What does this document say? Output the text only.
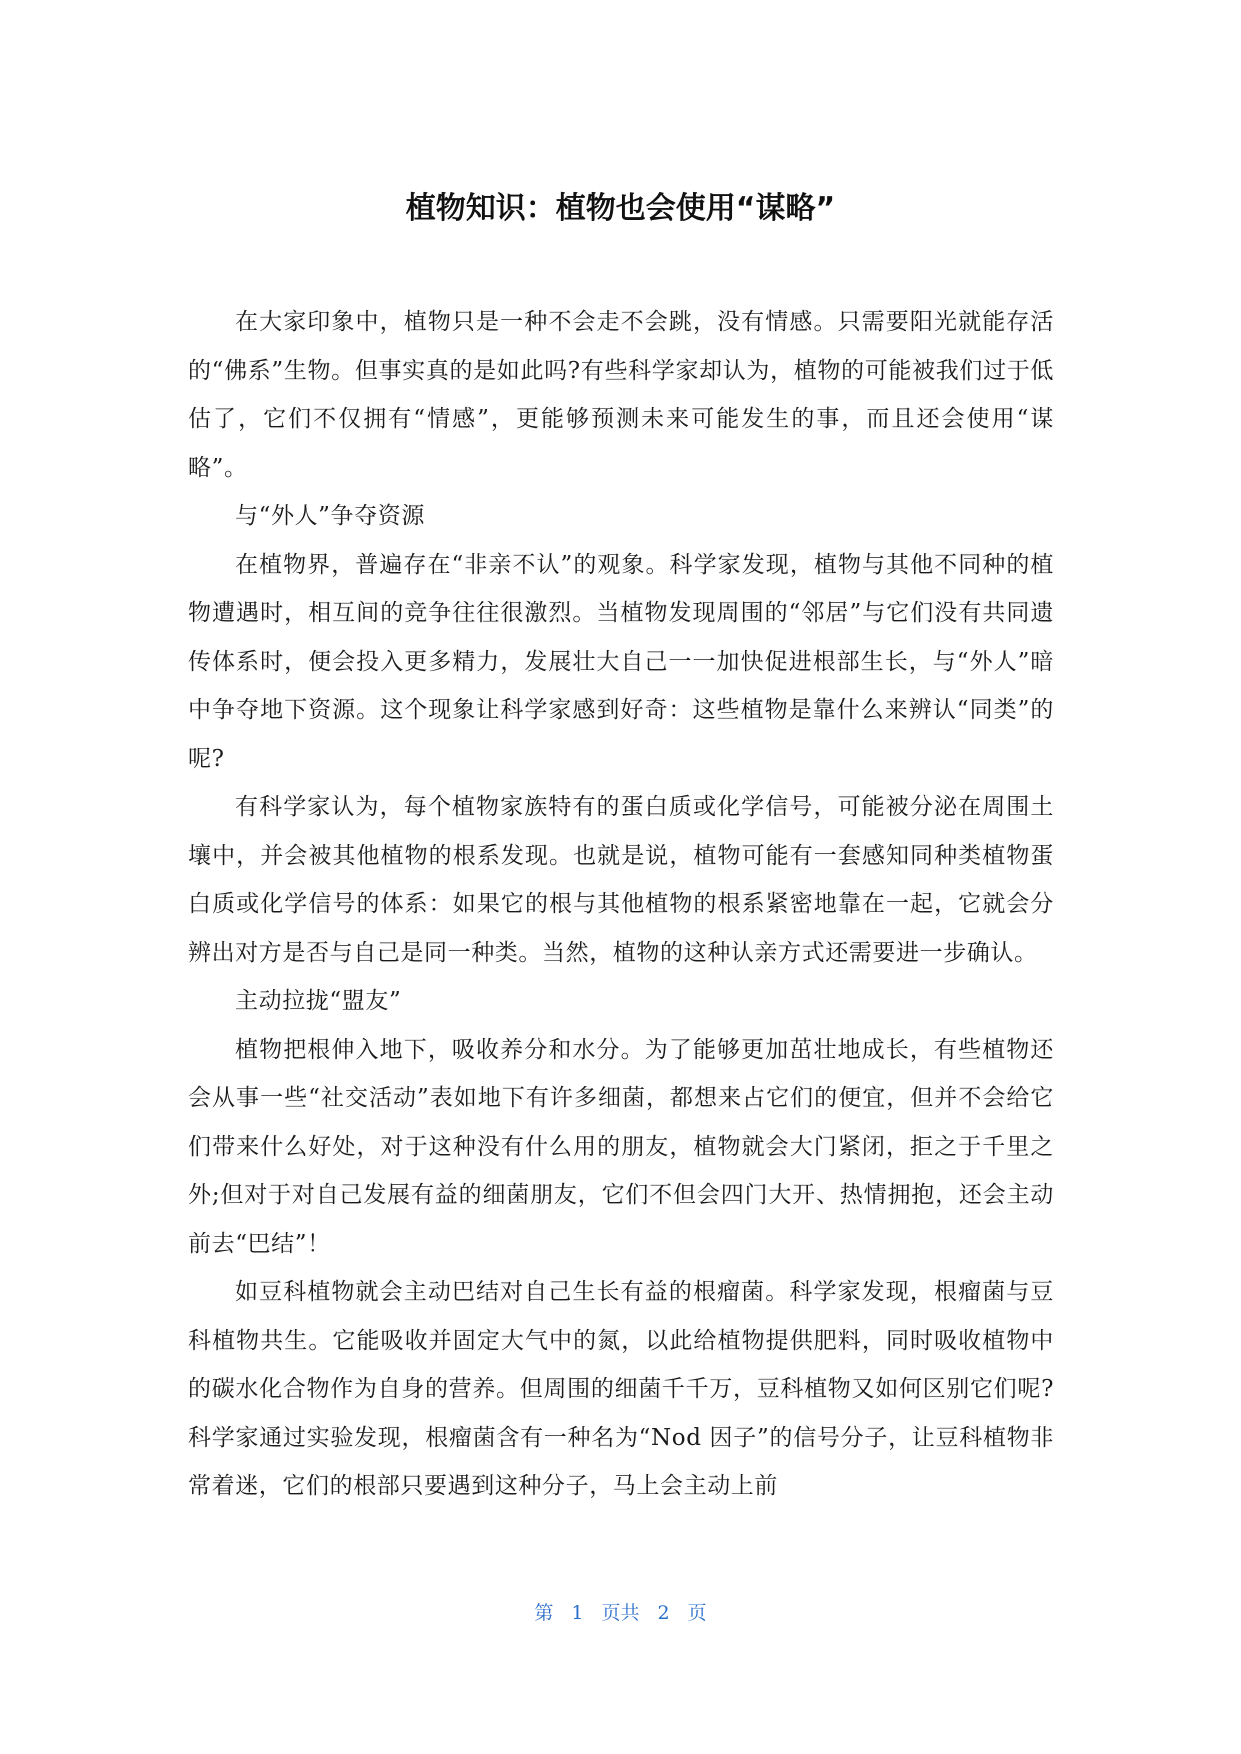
植物知识：植物也会使用“谋略”

在大家印象中，植物只是一种不会走不会跳，没有情感。只需要阳光就能存活的“佛系”生物。但事实真的是如此吗?有些科学家却认为，植物的可能被我们过于低估了，它们不仅拥有“情感”，更能够预测未来可能发生的事，而且还会使用“谋略”。

与“外人”争夺资源

在植物界，普遍存在“非亲不认”的观象。科学家发现，植物与其他不同种的植物遭遇时，相互间的竞争往往很激烈。当植物发现周围的“邻居”与它们没有共同遗传体系时，便会投入更多精力，发展壮大自己一一加快促进根部生长，与“外人”暗中争夺地下资源。这个现象让科学家感到好奇：这些植物是靠什么来辨认“同类”的呢?

有科学家认为，每个植物家族特有的蛋白质或化学信号，可能被分泌在周围土壤中，并会被其他植物的根系发现。也就是说，植物可能有一套感知同种类植物蛋白质或化学信号的体系：如果它的根与其他植物的根系紧密地靠在一起，它就会分辨出对方是否与自己是同一种类。当然，植物的这种认亲方式还需要进一步确认。

主动拉拢“盟友”

植物把根伸入地下，吸收养分和水分。为了能够更加茁壮地成长，有些植物还会从事一些“社交活动”表如地下有许多细菌，都想来占它们的便宜，但并不会给它们带来什么好处，对于这种没有什么用的朋友，植物就会大门紧闭，拒之于千里之外;但对于对自己发展有益的细菌朋友，它们不但会四门大开、热情拥抱，还会主动前去“巴结”！

如豆科植物就会主动巴结对自己生长有益的根瘤菌。科学家发现，根瘤菌与豆科植物共生。它能吸收并固定大气中的氮，以此给植物提供肥料，同时吸收植物中的碳水化合物作为自身的营养。但周围的细菌千千万，豆科植物又如何区别它们呢?科学家通过实验发现，根瘤菌含有一种名为“Nod 因子”的信号分子，让豆科植物非常着迷，它们的根部只要遇到这种分子，马上会主动上前

第 1 页共 2 页
